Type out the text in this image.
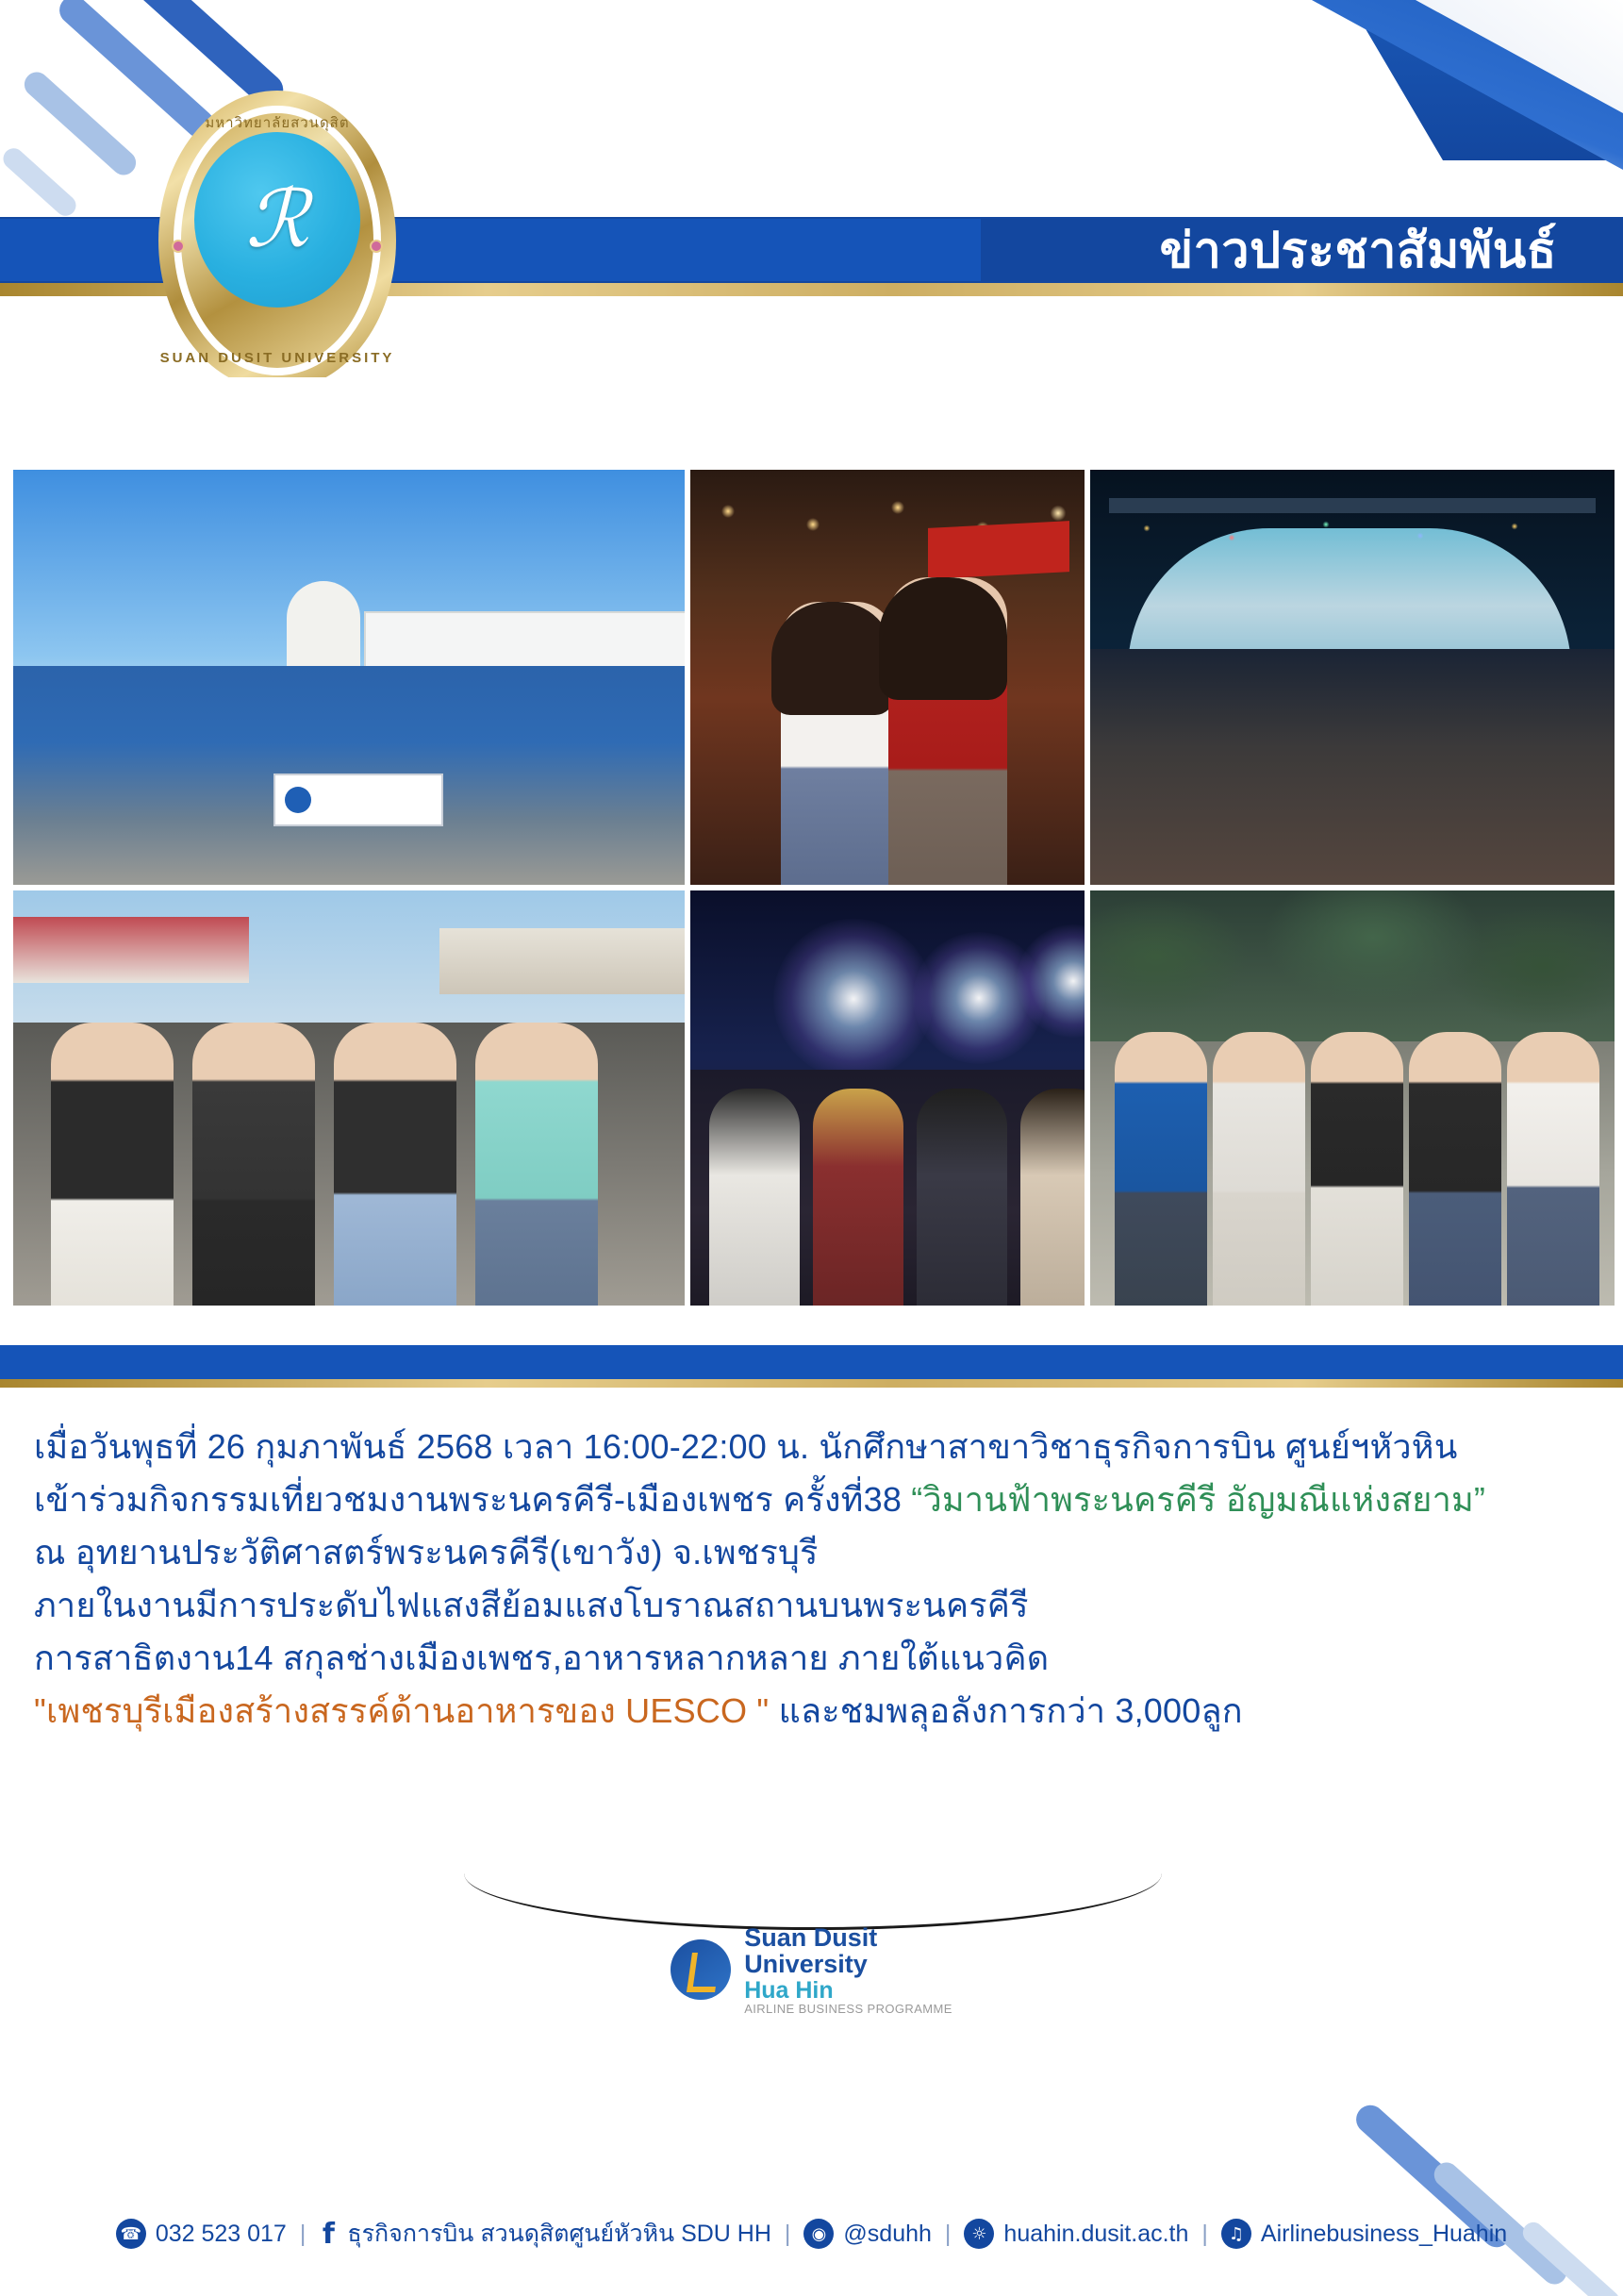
ข่าวประชาสัมพันธ์
มหาวิทยาลัยสวนดุสิต
ℛ
SUAN DUSIT UNIVERSITY

เมื่อวันพุธที่ 26 กุมภาพันธ์ 2568 เวลา 16:00-22:00 น. นักศึกษาสาขาวิชาธุรกิจการบิน ศูนย์ฯหัวหิน

เข้าร่วมกิจกรรมเที่ยวชมงานพระนครคีรี-เมืองเพชร ครั้งที่38 “วิมานฟ้าพระนครคีรี อัญมณีแห่งสยาม”

ณ อุทยานประวัติศาสตร์พระนครคีรี(เขาวัง) จ.เพชรบุรี

ภายในงานมีการประดับไฟแสงสีย้อมแสงโบราณสถานบนพระนครคีรี

การสาธิตงาน14 สกุลช่างเมืองเพชร,อาหารหลากหลาย ภายใต้แนวคิด

"เพชรบุรีเมืองสร้างสรรค์ด้านอาหารของ UESCO " และชมพลุอลังการกว่า 3,000ลูก

Suan Dusit
University
Hua Hin
AIRLINE BUSINESS PROGRAMME
☎ 032 523 017 | f ธุรกิจการบิน สวนดุสิตศูนย์หัวหิน SDU HH |	◉ @sduhh |	☼ huahin.dusit.ac.th |	♫ Airlinebusiness_Huahin
